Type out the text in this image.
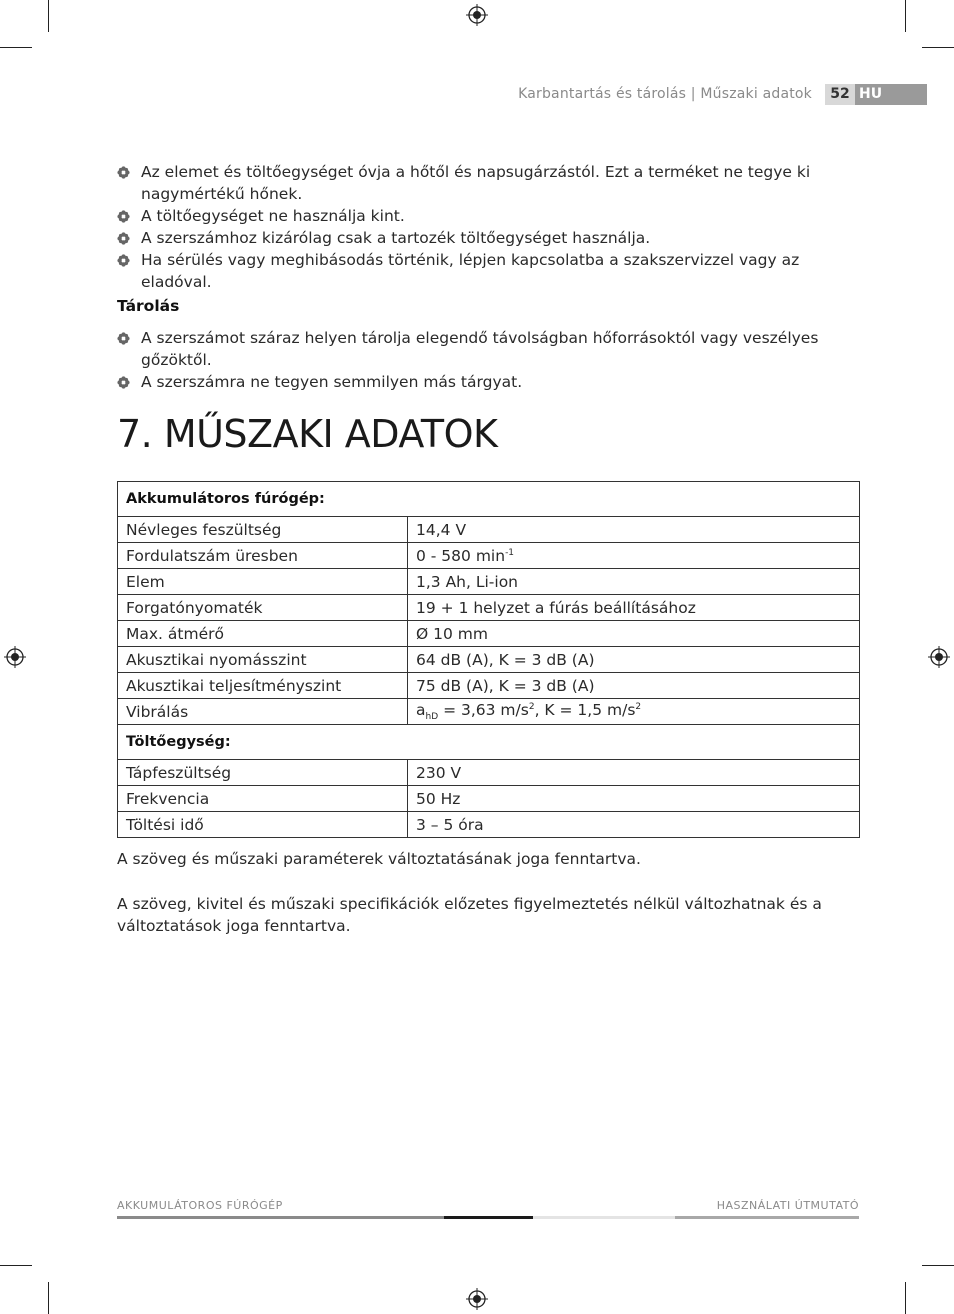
Karbantartás és tárolás | Műszaki adatok	52 HU
Az elemet és töltőegységet óvja a hőtől és napsugárzástól. Ezt a terméket ne tegye ki nagymértékű hőnek.
A töltőegységet ne használja kint.
A szerszámhoz kizárólag csak a tartozék töltőegységet használja.
Ha sérülés vagy meghibásodás történik, lépjen kapcsolatba a szakszervizzel vagy az eladóval.
Tárolás
A szerszámot száraz helyen tárolja elegendő távolságban hőforrásoktól vagy veszélyes gőzöktől.
A szerszámra ne tegyen semmilyen más tárgyat.
7. MŰSZAKI ADATOK
Akkumulátoros fúrógép:	
Névleges feszültség	14,4 V
Fordulatszám üresben	0 - 580 $\min^{-1}$
Elem	1,3 Ah, Li-ion
Forgatónyomaték	19 + 1 helyzet a fúrás beállításához
Max. átmérő	Ø 10 mm
Akusztikai nyomásszint	64 dB (A), K = 3 dB (A)
Akusztikai teljesítményszint	75 dB (A), K = 3 dB (A)
Vibrálás	$a_{hD} = 3,63$ $m/s^2$, K = 1,5 $m/s^2$
Töltőegység:	
Tápfeszültség	230 V
Frekvencia	50 Hz
Töltési idő	3 – 5 óra
A szöveg és műszaki paraméterek változtatásának joga fenntartva.
A szöveg, kivitel és műszaki specifikációk előzetes figyelmeztetés nélkül változhatnak és a változtatások joga fenntartva.
AKKUMULÁTOROS FÚRÓGÉP	HASZNÁLATI ÚTMUTATÓ
